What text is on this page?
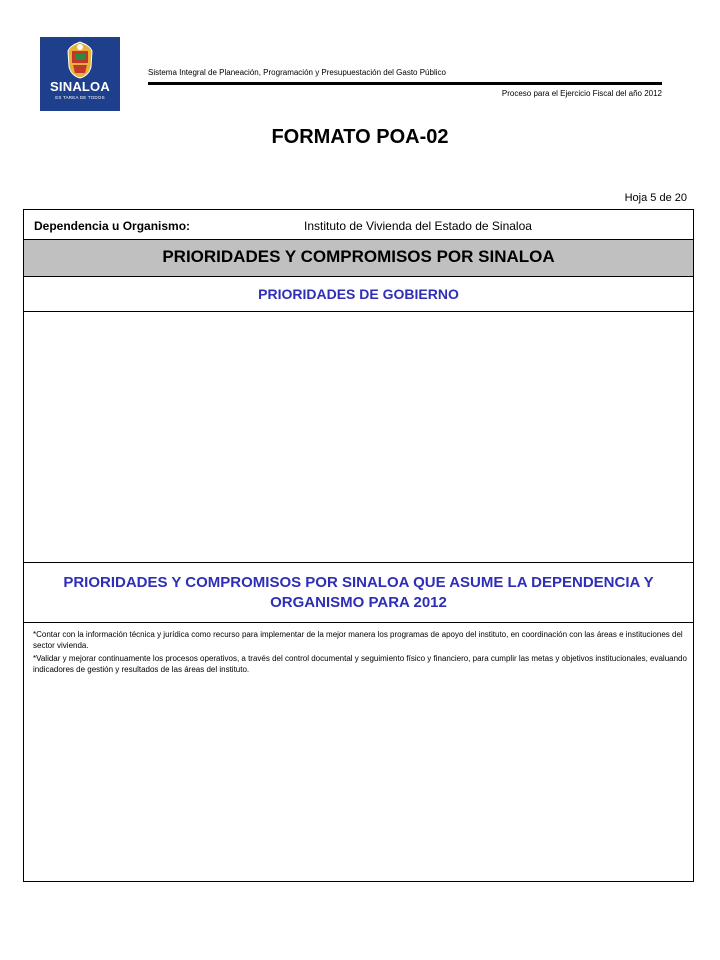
SINALOA
ES TAREA DE TODOS
Sistema Integral de Planeación, Programación y Presupuestación del Gasto Público
Proceso para el Ejercicio Fiscal del año 2012
FORMATO POA-02
Hoja 5 de 20
Dependencia u Organismo:	Instituto de Vivienda del Estado de Sinaloa
PRIORIDADES Y COMPROMISOS POR SINALOA
PRIORIDADES DE GOBIERNO
PRIORIDADES Y COMPROMISOS POR SINALOA QUE ASUME LA DEPENDENCIA Y ORGANISMO PARA 2012

*Contar con la información técnica y jurídica como recurso para implementar de la mejor manera los programas de apoyo del instituto, en coordinación con las áreas e instituciones del sector vivienda.

*Validar y mejorar continuamente los procesos operativos, a través del control documental y seguimiento físico y financiero, para cumplir las metas y objetivos institucionales, evaluando indicadores de gestión y resultados de las áreas del instituto.
